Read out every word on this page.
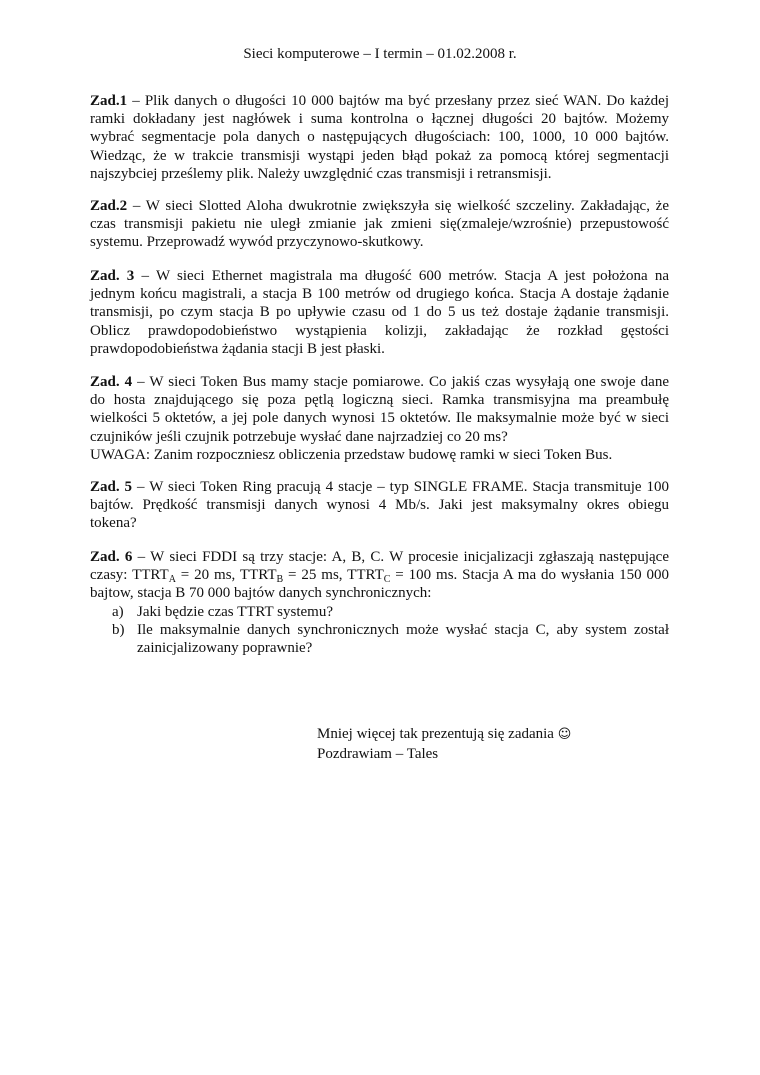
Sieci komputerowe – I termin – 01.02.2008 r.
Zad.1 – Plik danych o długości 10 000 bajtów ma być przesłany przez sieć WAN. Do każdej
ramki dokładany jest nagłówek i suma kontrolna o łącznej długości 20 bajtów. Możemy
wybrać segmentacje pola danych o następujących długościach: 100, 1000, 10 000 bajtów.
Wiedząc, że w trakcie transmisji wystąpi jeden błąd pokaż za pomocą której segmentacji
najszybciej prześlemy plik. Należy uwzględnić czas transmisji i retransmisji.
Zad.2 – W sieci Slotted Aloha dwukrotnie zwiększyła się wielkość szczeliny. Zakładając, że
czas transmisji pakietu nie uległ zmianie jak zmieni się(zmaleje/wzrośnie) przepustowość
systemu. Przeprowadź wywód przyczynowo-skutkowy.
Zad. 3 – W sieci Ethernet magistrala ma długość 600 metrów. Stacja A jest położona na
jednym końcu magistrali, a stacja B 100 metrów od drugiego końca. Stacja A dostaje żądanie
transmisji, po czym stacja B po upływie czasu od 1 do 5 us też dostaje żądanie transmisji.
Oblicz prawdopodobieństwo wystąpienia kolizji, zakładając że rozkład gęstości
prawdopodobieństwa żądania stacji B jest płaski.
Zad. 4 – W sieci Token Bus mamy stacje pomiarowe. Co jakiś czas wysyłają one swoje dane
do hosta znajdującego się poza pętlą logiczną sieci. Ramka transmisyjna ma preambułę
wielkości 5 oktetów, a jej pole danych wynosi 15 oktetów. Ile maksymalnie może być w sieci
czujników jeśli czujnik potrzebuje wysłać dane najrzadziej co 20 ms?
UWAGA: Zanim rozpoczniesz obliczenia przedstaw budowę ramki w sieci Token Bus.
Zad. 5 – W sieci Token Ring pracują 4 stacje – typ SINGLE FRAME. Stacja transmituje 100
bajtów. Prędkość transmisji danych wynosi 4 Mb/s. Jaki jest maksymalny okres obiegu
tokena?
Zad. 6 – W sieci FDDI są trzy stacje: A, B, C. W procesie inicjalizacji zgłaszają następujące
czasy: $TTRT_A = 20$ ms, $TTRT_B = 25$ ms, $TTRT_C = 100$ ms. Stacja A ma do wysłania 150 000
bajtow, stacja B 70 000 bajtów danych synchronicznych:
a) Jaki będzie czas TTRT systemu?
b) Ile maksymalnie danych synchronicznych może wysłać stacja C, aby system został
zainicjalizowany poprawnie?
Mniej więcej tak prezentują się zadania ☺
Pozdrawiam – Tales
